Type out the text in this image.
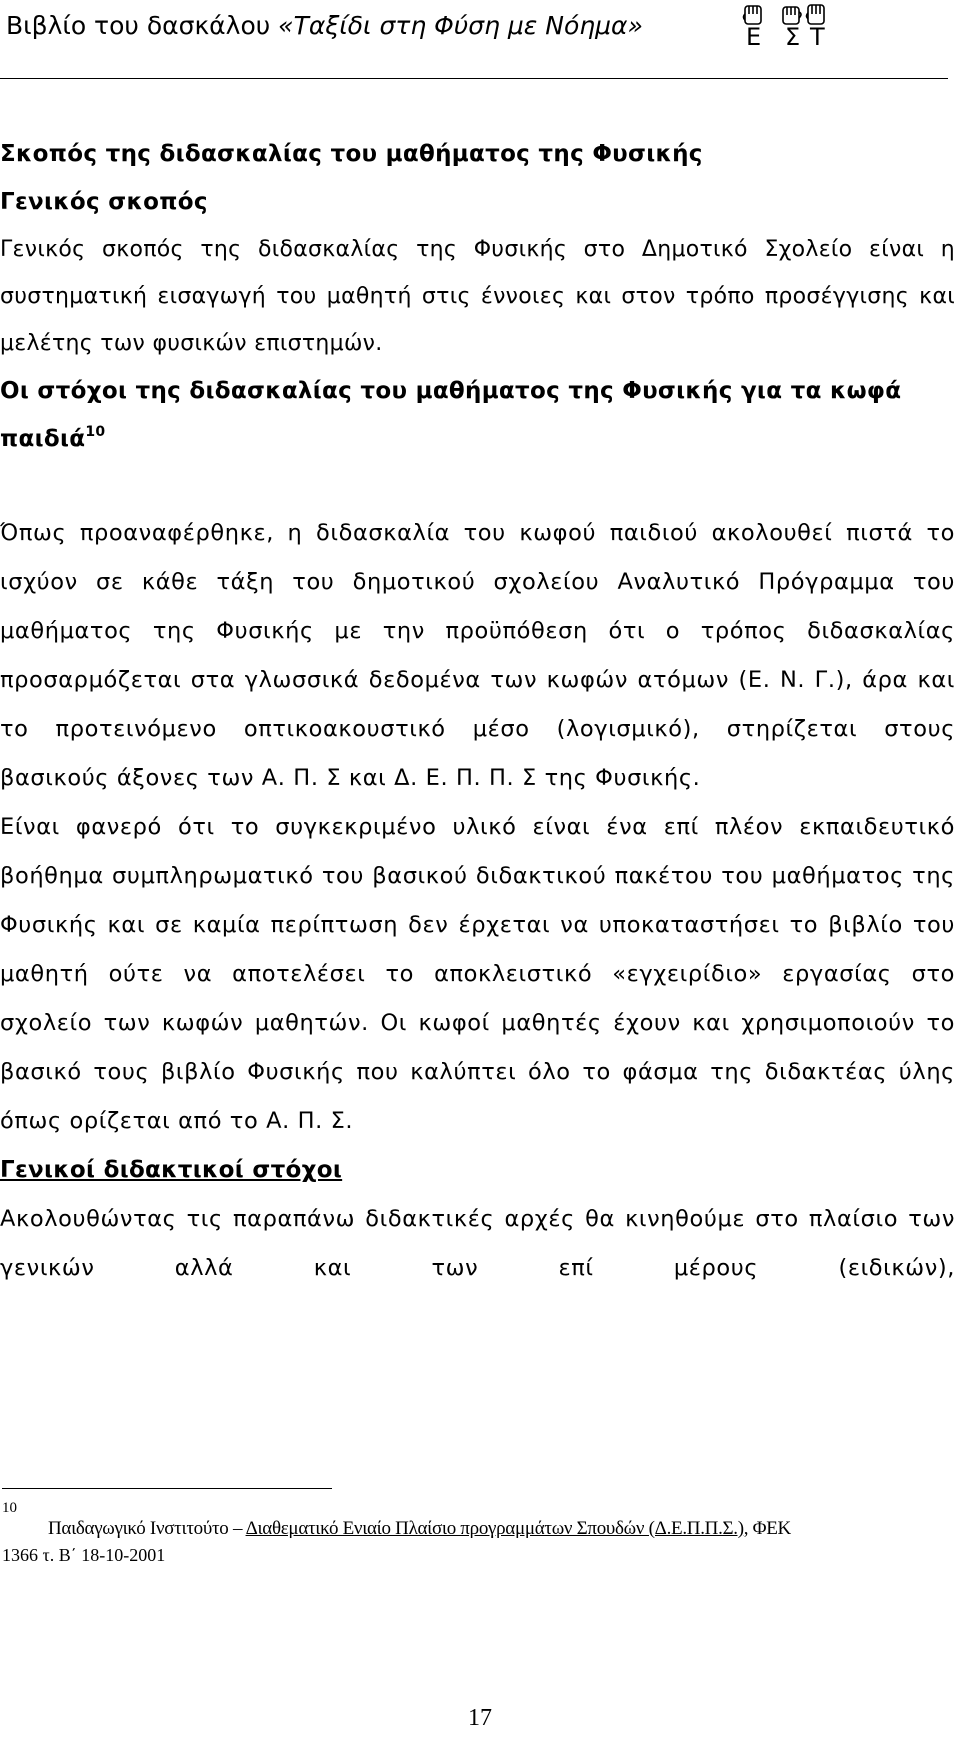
Βιβλίο του δασκάλου «Ταξίδι στη Φύση με Νόημα»	Ε Σ Τ

Σκοπός της διδασκαλίας του μαθήματος της Φυσικής

Γενικός σκοπός

Γενικός σκοπός της διδασκαλίας της Φυσικής στο Δημοτικό Σχολείο είναι η συστηματική εισαγωγή του μαθητή στις έννοιες και στον τρόπο προσέγγισης και μελέτης των φυσικών επιστημών.

Οι στόχοι της διδασκαλίας του μαθήματος της Φυσικής για τα κωφά παιδιά$^{10}$

Όπως προαναφέρθηκε, η διδασκαλία του κωφού παιδιού ακολουθεί πιστά το ισχύον σε κάθε τάξη του δημοτικού σχολείου Αναλυτικό Πρόγραμμα του μαθήματος της Φυσικής με την προϋπόθεση ότι ο τρόπος διδασκαλίας προσαρμόζεται στα γλωσσικά δεδομένα των κωφών ατόμων (Ε. Ν. Γ.), άρα και το προτεινόμενο οπτικοακουστικό μέσο (λογισμικό), στηρίζεται στους βασικούς άξονες των Α. Π. Σ και Δ. Ε. Π. Π. Σ της Φυσικής.

Είναι φανερό ότι το συγκεκριμένο υλικό είναι ένα επί πλέον εκπαιδευτικό βοήθημα συμπληρωματικό του βασικού διδακτικού πακέτου του μαθήματος της Φυσικής και σε καμία περίπτωση δεν έρχεται να υποκαταστήσει το βιβλίο του μαθητή ούτε να αποτελέσει το αποκλειστικό «εγχειρίδιο» εργασίας στο σχολείο των κωφών μαθητών. Οι κωφοί μαθητές έχουν και χρησιμοποιούν το βασικό τους βιβλίο Φυσικής που καλύπτει όλο το φάσμα της διδακτέας ύλης όπως ορίζεται από το Α. Π. Σ.

Γενικοί διδακτικοί στόχοι

Ακολουθώντας τις παραπάνω διδακτικές αρχές θα κινηθούμε στο πλαίσιο των γενικών αλλά και των επί μέρους (ειδικών),

10
Παιδαγωγικό Ινστιτούτο – Διαθεματικό Ενιαίο Πλαίσιο προγραμμάτων Σπουδών (Δ.Ε.Π.Π.Σ.), ΦΕΚ
1366 τ. Β΄ 18-10-2001
17
